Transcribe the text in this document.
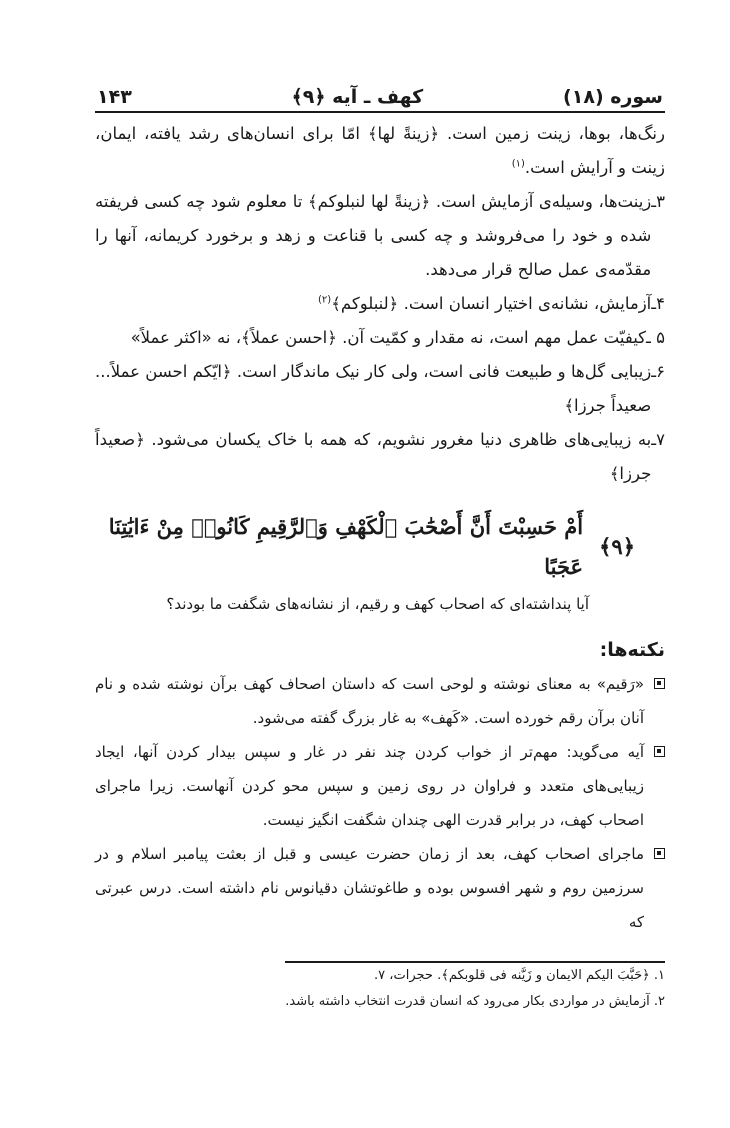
سوره (۱۸)
کهف ـ آیه ﴿۹﴾
۱۴۳

رنگ‌ها، بوها، زینت زمین است. ﴿زینةً لها﴾ امّا برای انسان‌های رشد یافته، ایمان، زینت و آرایش است.$^{(۱)}$

۳ـ
زینت‌ها، وسیله‌ی آزمایش است. ﴿زینةً لها لنبلوکم﴾ تا معلوم شود چه کسی فریفته شده و خود را می‌فروشد و چه کسی با قناعت و زهد و برخورد کریمانه، آنها را مقدّمه‌ی عمل صالح قرار می‌دهد.
۴ـ
آزمایش، نشانه‌ی اختیار انسان است. ﴿لنبلوکم﴾$^{(۲)}$
۵ ـ
کیفیّت عمل مهم است، نه مقدار و کمّیت آن. ﴿احسن عملاً﴾، نه «اکثر عملاً»
۶ـ
زیبایی گل‌ها و طبیعت فانی است، ولی کار نیک ماندگار است. ﴿ایّکم احسن عملاً... صعیداً جرزا﴾
۷ـ
به زیبایی‌های ظاهری دنیا مغرور نشویم، که همه با خاک یکسان می‌شود. ﴿صعیداً جرزا﴾
﴿۹﴾
أَمْ حَسِبْتَ أَنَّ أَصْحَٰبَ ٱلْكَهْفِ وَٱلرَّقِيمِ كَانُوا۟ مِنْ ءَايَٰتِنَا عَجَبًا
آیا پنداشته‌ای که اصحاب کهف و رقیم، از نشانه‌های شگفت ما بودند؟
نکته‌ها:
«رَقیم» به معنای نوشته و لوحی است که داستان اصحاف کهف برآن نوشته شده و نام آنان برآن رقم خورده است. «کَهف» به غار بزرگ گفته می‌شود.
آیه می‌گوید: مهم‌تر از خواب کردن چند نفر در غار و سپس بیدار کردن آنها، ایجاد زیبایی‌های متعدد و فراوان در روی زمین و سپس محو کردن آنهاست. زیرا ماجرای اصحاب کهف، در برابر قدرت الهی چندان شگفت انگیز نیست.
ماجرای اصحاب کهف، بعد از زمان حضرت عیسی و قبل از بعثت پیامبر اسلام و در سرزمین روم و شهر افسوس بوده و طاغوتشان دقیانوس نام داشته است. درس عبرتی که
۱. ﴿حَبَّبَ الیکم الایمان و زَیَّنه فی قلوبکم﴾. حجرات، ۷.
۲. آزمایش در مواردی بکار می‌رود که انسان قدرت انتخاب داشته باشد.
